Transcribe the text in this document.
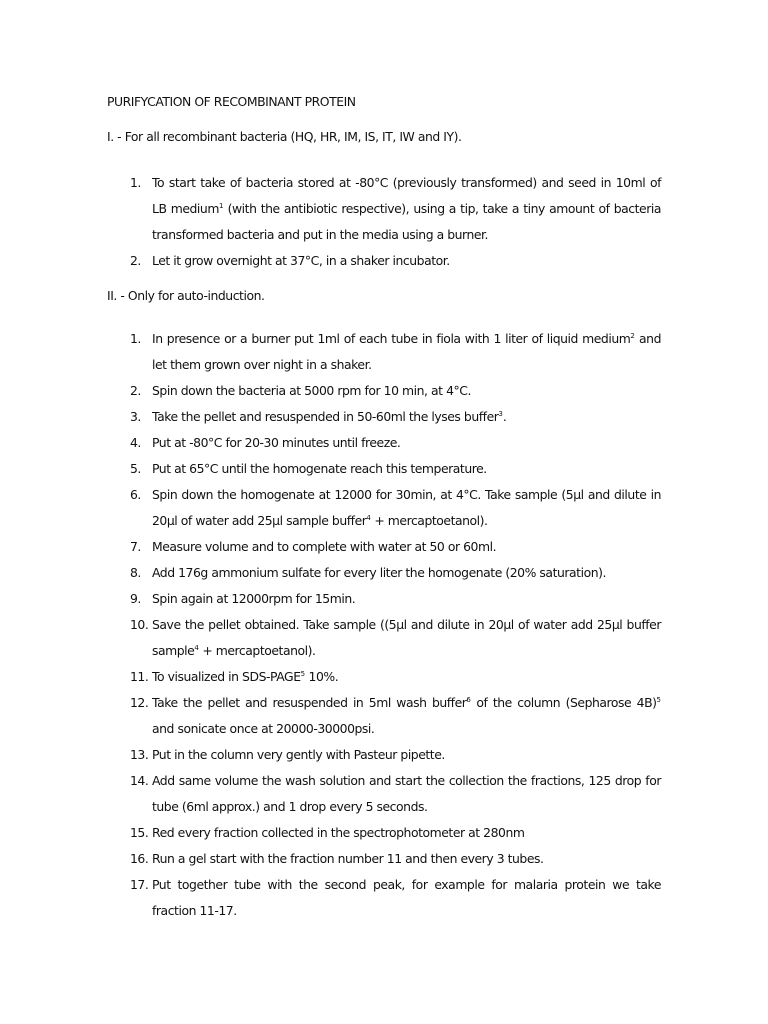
PURIFYCATION OF RECOMBINANT PROTEIN
I. - For all recombinant bacteria (HQ, HR, IM, IS, IT, IW and IY).
1. To start take of bacteria stored at -80°C (previously transformed) and seed in 10ml of LB medium$^1$ (with the antibiotic respective), using a tip, take a tiny amount of bacteria transformed bacteria and put in the media using a burner.
2. Let it grow overnight at 37°C, in a shaker incubator.
II. - Only for auto-induction.
1. In presence or a burner put 1ml of each tube in fiola with 1 liter of liquid medium$^2$ and let them grown over night in a shaker.
2. Spin down the bacteria at 5000 rpm for 10 min, at 4°C.
3. Take the pellet and resuspended in 50-60ml the lyses buffer$^3$.
4. Put at -80°C for 20-30 minutes until freeze.
5. Put at 65°C until the homogenate reach this temperature.
6. Spin down the homogenate at 12000 for 30min, at 4°C. Take sample (5µl and dilute in 20µl of water add 25µl sample buffer$^4$ + mercaptoetanol).
7. Measure volume and to complete with water at 50 or 60ml.
8. Add 176g ammonium sulfate for every liter the homogenate (20% saturation).
9. Spin again at 12000rpm for 15min.
10. Save the pellet obtained. Take sample ((5µl and dilute in 20µl of water add 25µl buffer sample$^4$ + mercaptoetanol).
11. To visualized in SDS-PAGE$^5$ 10%.
12. Take the pellet and resuspended in 5ml wash buffer$^6$ of the column (Sepharose 4B)$^5$ and sonicate once at 20000-30000psi.
13. Put in the column very gently with Pasteur pipette.
14. Add same volume the wash solution and start the collection the fractions, 125 drop for tube (6ml approx.) and 1 drop every 5 seconds.
15. Red every fraction collected in the spectrophotometer at 280nm
16. Run a gel start with the fraction number 11 and then every 3 tubes.
17. Put together tube with the second peak, for example for malaria protein we take fraction 11-17.
